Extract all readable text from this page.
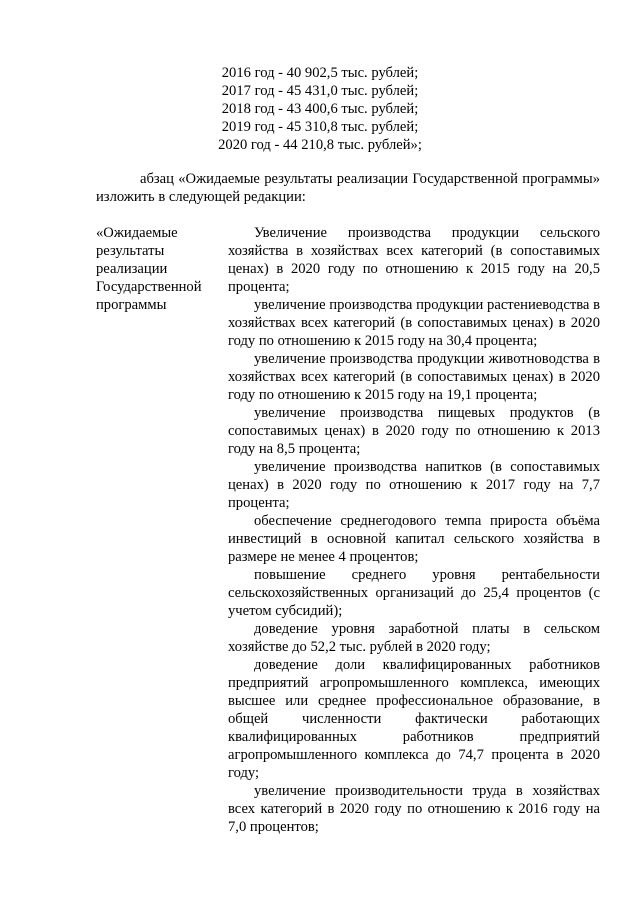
2016 год - 40 902,5 тыс. рублей;
2017 год - 45 431,0 тыс. рублей;
2018 год - 43 400,6 тыс. рублей;
2019 год - 45 310,8 тыс. рублей;
2020 год - 44 210,8 тыс. рублей»;
абзац «Ожидаемые результаты реализации Государственной программы» изложить в следующей редакции:
«Ожидаемые результаты реализации Государственной программы

Увеличение производства продукции сельского хозяйства в хозяйствах всех категорий (в сопоставимых ценах) в 2020 году по отношению к 2015 году на 20,5 процента;

увеличение производства продукции растениеводства в хозяйствах всех категорий (в сопоставимых ценах) в 2020 году по отношению к 2015 году на 30,4 процента;

увеличение производства продукции животноводства в хозяйствах всех категорий (в сопоставимых ценах) в 2020 году по отношению к 2015 году на 19,1 процента;

увеличение производства пищевых продуктов (в сопоставимых ценах) в 2020 году по отношению к 2013 году на 8,5 процента;

увеличение производства напитков (в сопоставимых ценах) в 2020 году по отношению к 2017 году на 7,7 процента;

обеспечение среднегодового темпа прироста объёма инвестиций в основной капитал сельского хозяйства в размере не менее 4 процентов;

повышение среднего уровня рентабельности сельскохозяйственных организаций до 25,4 процентов (с учетом субсидий);

доведение уровня заработной платы в сельском хозяйстве до 52,2 тыс. рублей в 2020 году;

доведение доли квалифицированных работников предприятий агропромышленного комплекса, имеющих высшее или среднее профессиональное образование, в общей численности фактически работающих квалифицированных работников предприятий агропромышленного комплекса до 74,7 процента в 2020 году;

увеличение производительности труда в хозяйствах всех категорий в 2020 году по отношению к 2016 году на 7,0 процентов;
